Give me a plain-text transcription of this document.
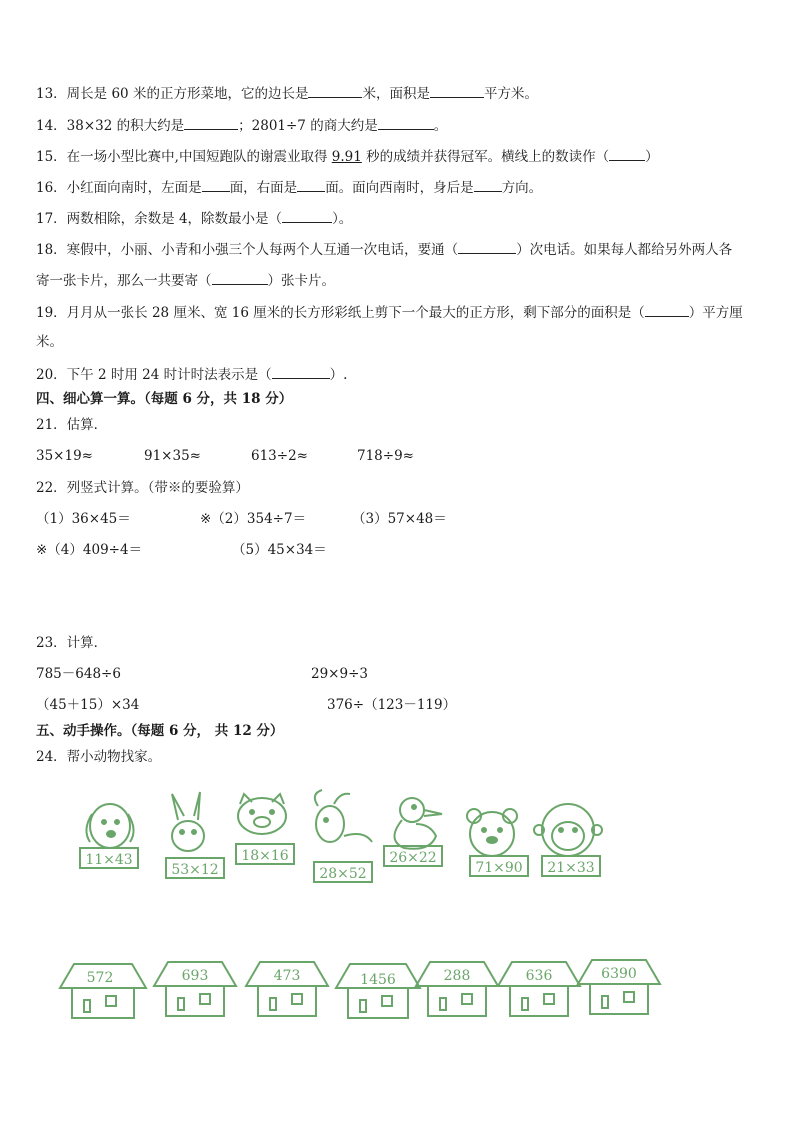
13．周长是 60 米的正方形菜地，它的边长是	米，面积是	平方米。
14．38×32 的积大约是	；2801÷7 的商大约是	。
15．在一场小型比赛中,中国短跑队的谢震业取得 9.91 秒的成绩并获得冠军。横线上的数读作（	）
16．小红面向南时，左面是 面，右面是 面。面向西南时，身后是 方向。
17．两数相除，余数是 4，除数最小是（	）。
18．寒假中，小丽、小青和小强三个人每两个人互通一次电话，要通（	）次电话。如果每人都给另外两人各
寄一张卡片，那么一共要寄（	）张卡片。
19．月月从一张长 28 厘米、宽 16 厘米的长方形彩纸上剪下一个最大的正方形，剩下部分的面积是（	）平方厘
米。
20．下午 2 时用 24 时计时法表示是（	）.
四、细心算一算。（每题 6 分，共 18 分）
21．估算．
35×19≈	91×35≈	613÷2≈	718÷9≈
22．列竖式计算。（带※的要验算）
（1）36×45＝	※（2）354÷7＝	（3）57×48＝
※（4）409÷4＝	（5）45×34＝
23．计算．
785－648÷6	29×9÷3
（45＋15）×34	376÷（123－119）
五、动手操作。（每题 6 分， 共 12 分）
24．帮小动物找家。
11×43
53×12
18×16
28×52
26×22
71×90 21×33
572	693	473	1456	288	636	6390
